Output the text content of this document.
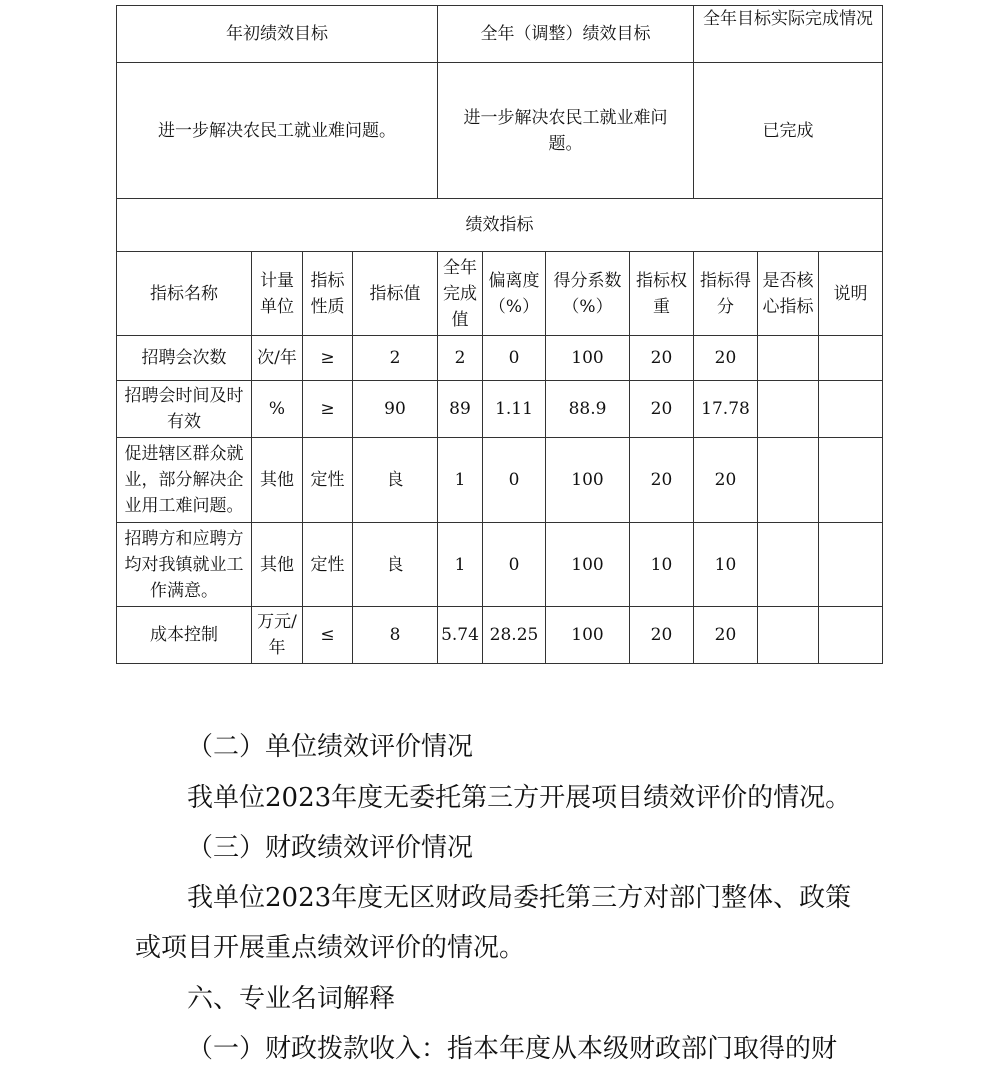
年初绩效目标				全年（调整）绩效目标				全年目标实际完成情况		
进一步解决农民工就业难问题。				进一步解决农民工就业难问题。				已完成		
绩效指标										
指标名称	计量单位	指标性质	指标值	全年完成值	偏离度（%）	得分系数（%）	指标权重	指标得分	是否核心指标	说明
招聘会次数	次/年	≥	2	2	0	100	20	20		
招聘会时间及时有效	%	≥	90	89	1.11	88.9	20	17.78		
促进辖区群众就业，部分解决企业用工难问题。	其他	定性	良	1	0	100	20	20		
招聘方和应聘方均对我镇就业工作满意。	其他	定性	良	1	0	100	10	10		
成本控制	万元/年	≤	8	5.74	28.25	100	20	20		

（二）单位绩效评价情况

我单位2023年度无委托第三方开展项目绩效评价的情况。

（三）财政绩效评价情况

我单位2023年度无区财政局委托第三方对部门整体、政策或项目开展重点绩效评价的情况。

六、专业名词解释

（一）财政拨款收入：指本年度从本级财政部门取得的财
